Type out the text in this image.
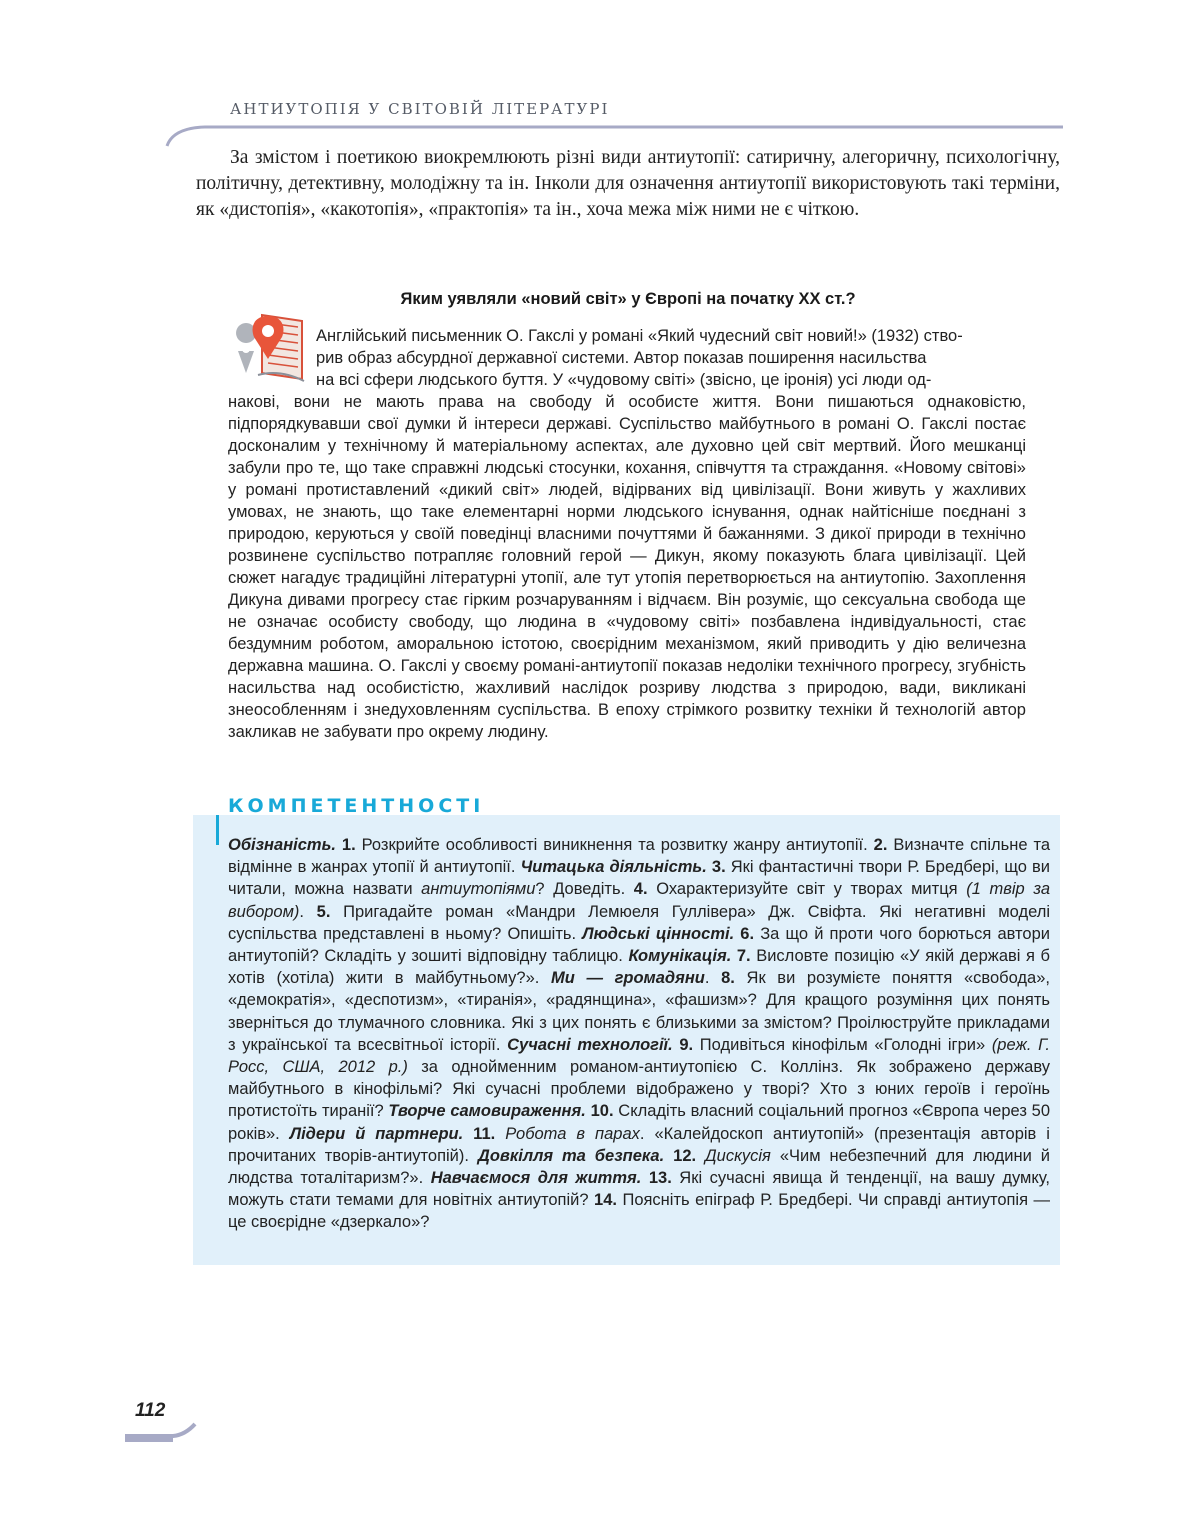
АНТИУТОПІЯ У СВІТОВІЙ ЛІТЕРАТУРІ

За змістом і поетикою виокремлюють різні види антиутопії: сатиричну, алегоричну, психологічну, політичну, детективну, молодіжну та ін. Інколи для означення антиутопії використовують такі терміни, як «дистопія», «какотопія», «практопія» та ін., хоча межа між ними не є чіткою.

Яким уявляли «новий світ» у Європі на початку ХХ ст.?

Англійський письменник О. Гакслі у романі «Який чудесний світ новий!» (1932) ство-
рив образ абсурдної державної системи. Автор показав поширення насильства
на всі сфери людського буття. У «чудовому світі» (звісно, це іронія) усі люди од-

накові, вони не мають права на свободу й особисте життя. Вони пишаються однаковістю, підпорядкувавши свої думки й інтереси державі. Суспільство майбутнього в романі О. Гакслі постає досконалим у технічному й матеріальному аспектах, але духовно цей світ мертвий. Його мешканці забули про те, що таке справжні людські стосунки, кохання, співчуття та страждання. «Новому світові» у романі протиставлений «дикий світ» людей, відірваних від цивілізації. Вони живуть у жахливих умовах, не знають, що таке елементарні норми людського існування, однак найтісніше поєднані з природою, керуються у своїй поведінці власними почуттями й бажаннями. З дикої природи в технічно розвинене суспільство потрапляє головний герой — Дикун, якому показують блага цивілізації. Цей сюжет нагадує традиційні літературні утопії, але тут утопія перетворюється на антиутопію. Захоплення Дикуна дивами прогресу стає гірким розчаруванням і відчаєм. Він розуміє, що сексуальна свобода ще не означає особисту свободу, що людина в «чудовому світі» позбавлена індивідуальності, стає бездумним роботом, аморальною істотою, своєрідним механізмом, який приводить у дію величезна державна машина. О. Гакслі у своєму романі-антиутопії показав недоліки технічного прогресу, згубність насильства над особистістю, жахливий наслідок розриву людства з природою, вади, викликані знеособленням і знедуховленням суспільства. В епоху стрімкого розвитку техніки й технологій автор закликав не забувати про окрему людину.

КОМПЕТЕНТНОСТІ

Обізнаність. 1. Розкрийте особливості виникнення та розвитку жанру антиутопії. 2. Визначте спільне та відмінне в жанрах утопії й антиутопії. Читацька діяльність. 3. Які фантастичні твори Р. Бредбері, що ви читали, можна назвати антиутопіями? Доведіть. 4. Охарактеризуйте світ у творах митця (1 твір за вибором). 5. Пригадайте роман «Мандри Лемюеля Гуллівера» Дж. Свіфта. Які негативні моделі суспільства представлені в ньому? Опишіть. Людські цінності. 6. За що й проти чого борються автори антиутопій? Складіть у зошиті відповідну таблицю. Комунікація. 7. Висловте позицію «У якій державі я б хотів (хотіла) жити в майбутньому?». Ми — громадяни. 8. Як ви розумієте поняття «свобода», «демократія», «деспотизм», «тиранія», «радянщина», «фашизм»? Для кращого розуміння цих понять зверніться до тлумачного словника. Які з цих понять є близькими за змістом? Проілюструйте прикладами з української та всесвітньої історії. Сучасні технології. 9. Подивіться кінофільм «Голодні ігри» (реж. Г. Росс, США, 2012 р.) за однойменним романом-антиутопією С. Коллінз. Як зображено державу майбутнього в кінофільмі? Які сучасні проблеми відображено у творі? Хто з юних героїв і героїнь протистоїть тиранії? Творче самовираження. 10. Складіть власний соціальний прогноз «Європа через 50 років». Лідери й партнери. 11. Робота в парах. «Калейдоскоп антиутопій» (презентація авторів і прочитаних творів-антиутопій). Довкілля та безпека. 12. Дискусія «Чим небезпечний для людини й людства тоталітаризм?». Навчаємося для життя. 13. Які сучасні явища й тенденції, на вашу думку, можуть стати темами для новітніх антиутопій? 14. Поясніть епіграф Р. Бредбері. Чи справді антиутопія — це своєрідне «дзеркало»?

112
